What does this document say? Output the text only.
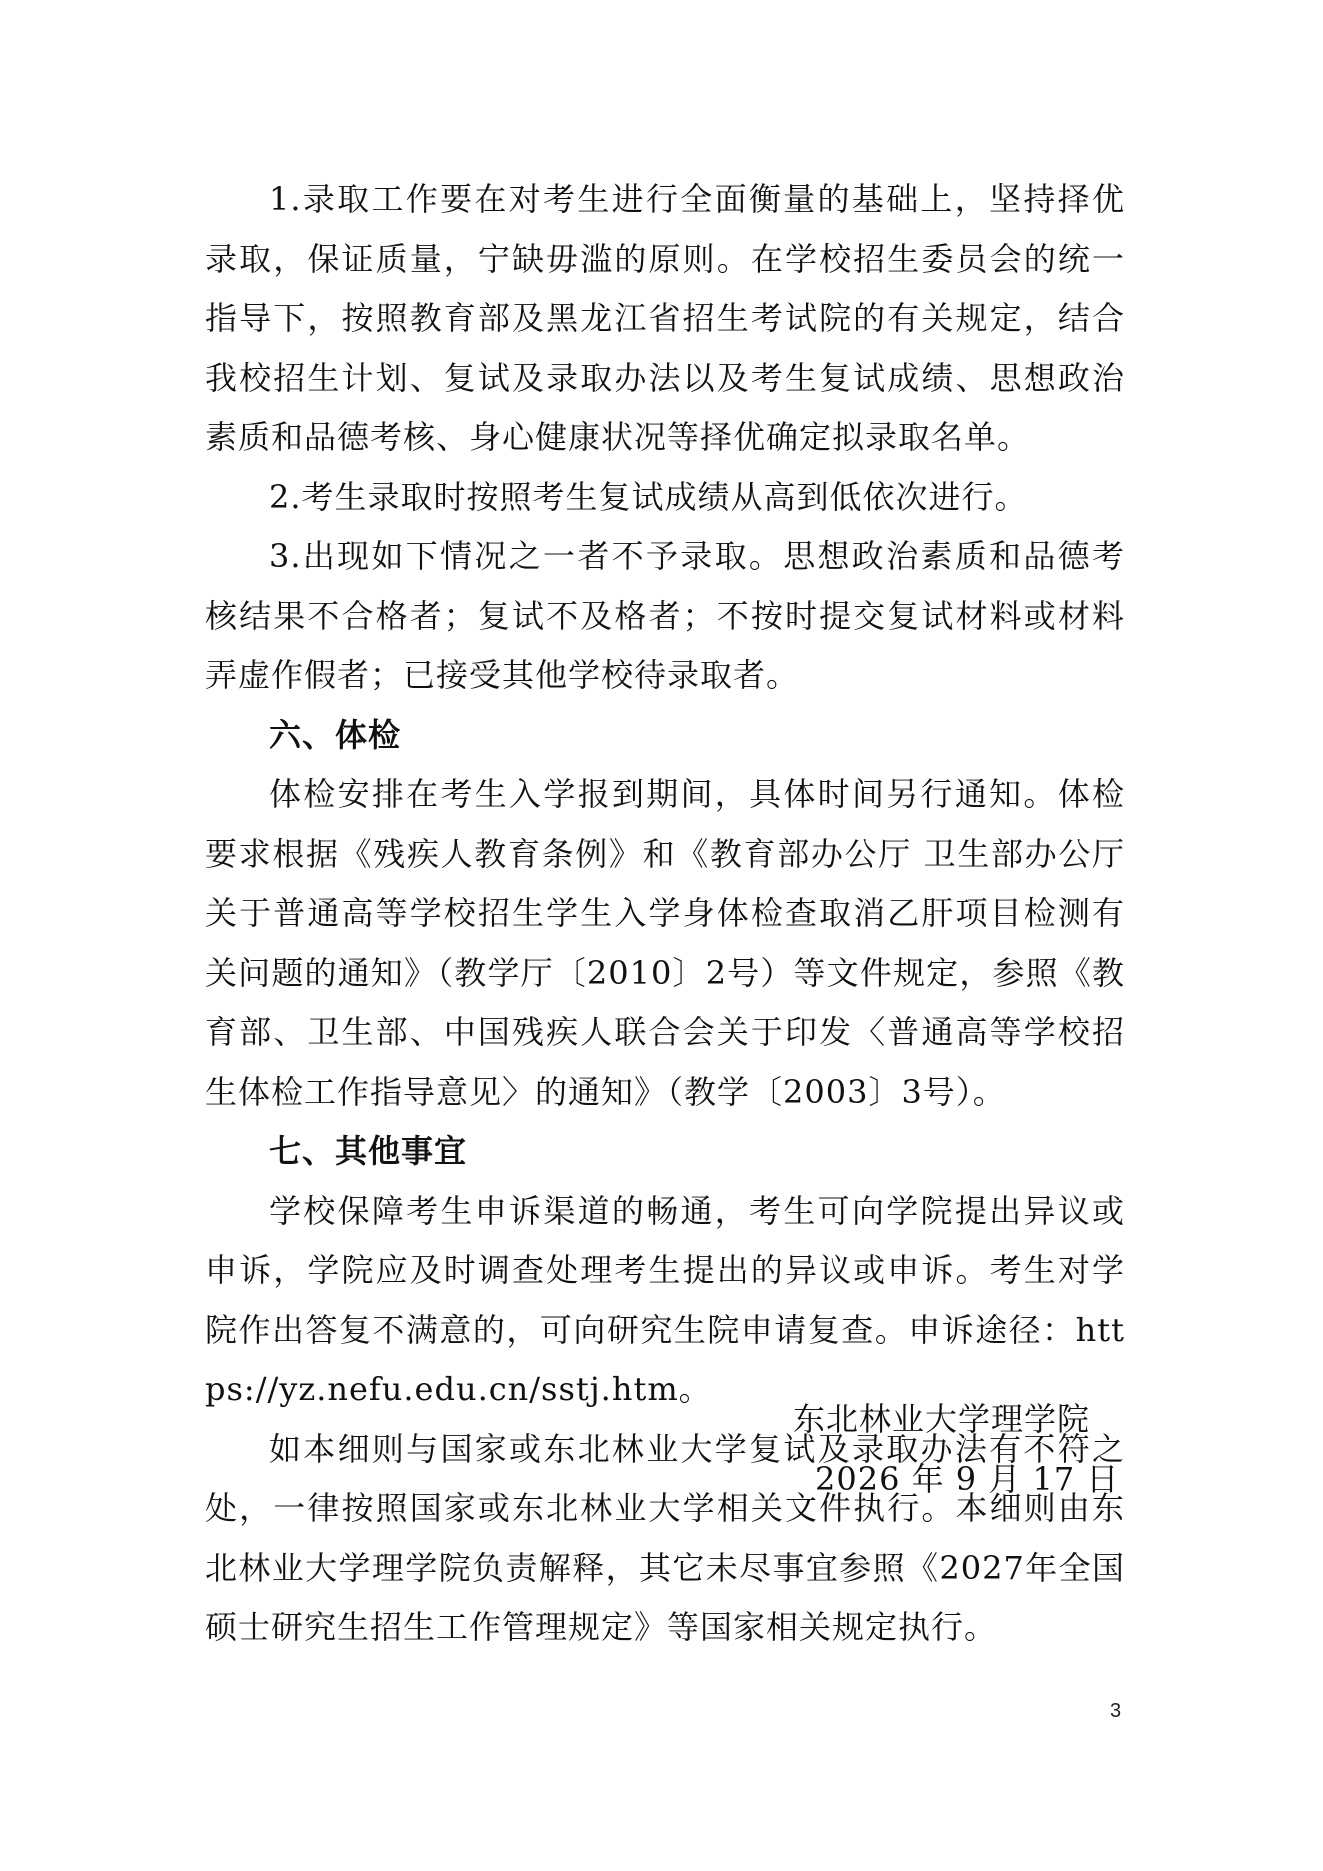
1.录取工作要在对考生进行全面衡量的基础上，坚持择优录取，保证质量，宁缺毋滥的原则。在学校招生委员会的统一指导下，按照教育部及黑龙江省招生考试院的有关规定，结合我校招生计划、复试及录取办法以及考生复试成绩、思想政治素质和品德考核、身心健康状况等择优确定拟录取名单。

2.考生录取时按照考生复试成绩从高到低依次进行。

3.出现如下情况之一者不予录取。思想政治素质和品德考核结果不合格者；复试不及格者；不按时提交复试材料或材料弄虚作假者；已接受其他学校待录取者。

六、体检

体检安排在考生入学报到期间，具体时间另行通知。体检要求根据《残疾人教育条例》和《教育部办公厅 卫生部办公厅关于普通高等学校招生学生入学身体检查取消乙肝项目检测有关问题的通知》（教学厅〔2010〕2号）等文件规定，参照《教育部、卫生部、中国残疾人联合会关于印发〈普通高等学校招生体检工作指导意见〉的通知》（教学〔2003〕3号）。

七、其他事宜

学校保障考生申诉渠道的畅通，考生可向学院提出异议或申诉，学院应及时调查处理考生提出的异议或申诉。考生对学院作出答复不满意的，可向研究生院申请复查。申诉途径：https://yz.nefu.edu.cn/sstj.htm。

如本细则与国家或东北林业大学复试及录取办法有不符之处，一律按照国家或东北林业大学相关文件执行。本细则由东北林业大学理学院负责解释，其它未尽事宜参照《2027年全国硕士研究生招生工作管理规定》等国家相关规定执行。

东北林业大学理学院
2026 年 9 月 17 日
3
